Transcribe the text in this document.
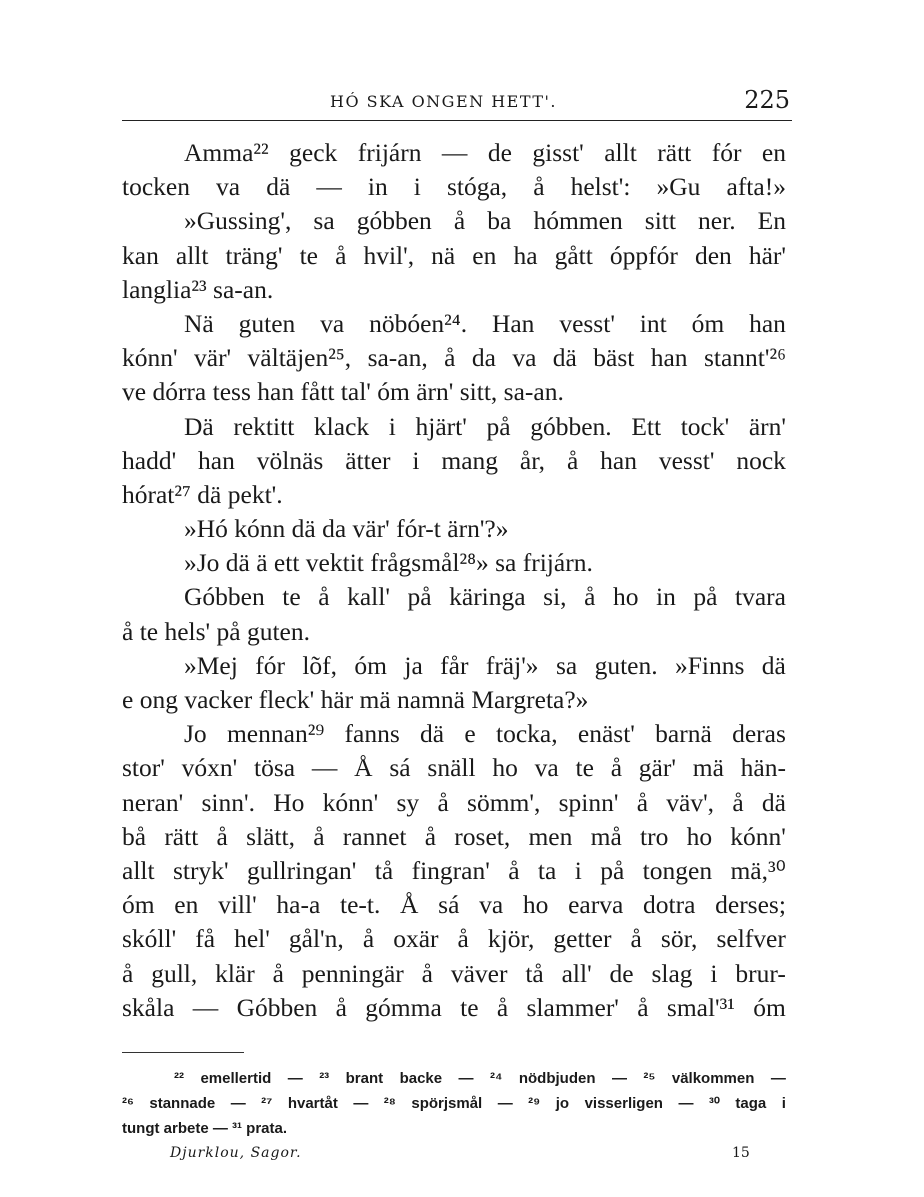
HÓ SKA ONGEN HETT'.	225
Amma²² geck frijárn — de gisst' allt rätt fór en
tocken va dä — in i stóga, å helst': »Gu afta!»
»Gussing', sa góbben å ba hómmen sitt ner. En
kan allt träng' te å hvil', nä en ha gått óppfór den här'
langlia²³ sa-an.
Nä guten va nöbóen²⁴. Han vesst' int óm han
kónn' vär' vältäjen²⁵, sa-an, å da va dä bäst han stannt'²⁶
ve dórra tess han fått tal' óm ärn' sitt, sa-an.
Dä rektitt klack i hjärt' på góbben. Ett tock' ärn'
hadd' han völnäs ätter i mang år, å han vesst' nock
hórat²⁷ dä pekt'.
»Hó kónn dä da vär' fór-t ärn'?»
»Jo dä ä ett vektit frågsmål²⁸» sa frijárn.
Góbben te å kall' på käringa si, å ho in på tvara
å te hels' på guten.
»Mej fór lõf, óm ja får fräj'» sa guten. »Finns dä
e ong vacker fleck' här mä namnä Margreta?»
Jo mennan²⁹ fanns dä e tocka, enäst' barnä deras
stor' vóxn' tösa — Å sá snäll ho va te å gär' mä hän-
neran' sinn'. Ho kónn' sy å sömm', spinn' å väv', å dä
bå rätt å slätt, å rannet å roset, men må tro ho kónn'
allt stryk' gullringan' tå fingran' å ta i på tongen mä,³⁰
óm en vill' ha-a te-t. Å sá va ho earva dotra derses;
skóll' få hel' gål'n, å oxär å kjör, getter å sör, selfver
å gull, klär å penningär å väver tå all' de slag i brur-
skåla — Góbben å gómma te å slammer' å smal'³¹ óm
²² emellertid — ²³ brant backe — ²⁴ nödbjuden — ²⁵ välkommen —
²⁶ stannade — ²⁷ hvartåt — ²⁸ spörjsmål — ²⁹ jo visserligen — ³⁰ taga i
tungt arbete — ³¹ prata.
Djurklou, Sagor.	15
